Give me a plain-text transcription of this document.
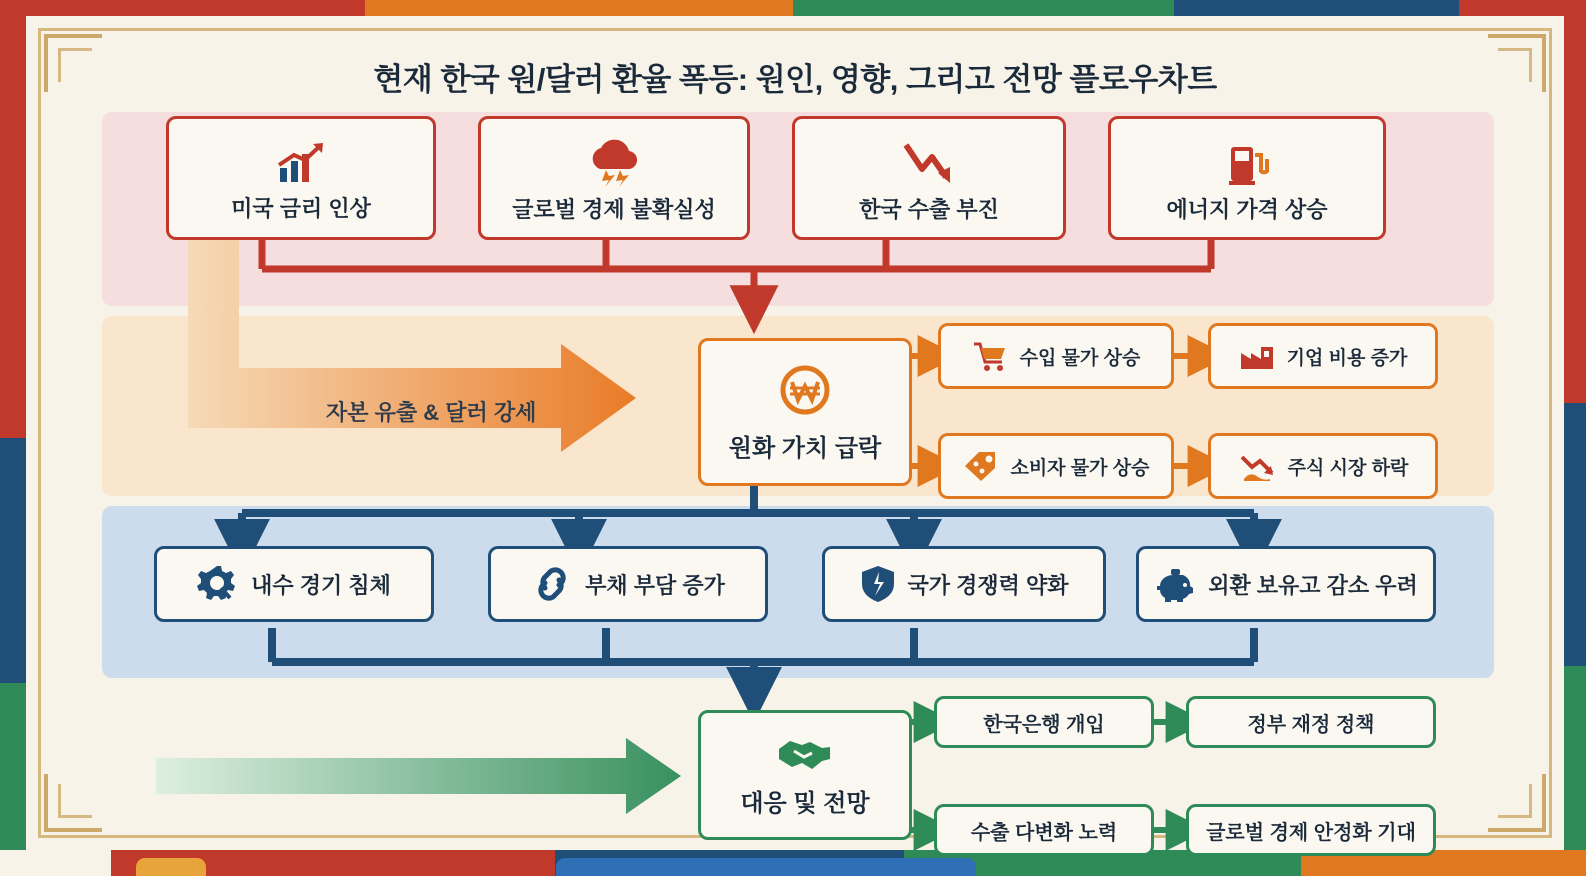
현재 한국 원/달러 환율 폭등: 원인, 영향, 그리고 전망 플로우차트
미국 금리 인상	글로벌 경제 불확실성	한국 수출 부진	에너지 가격 상승
자본 유출 & 달러 강세
원화 가치 급락
수입 물가 상승
소비자 물가 상승
기업 비용 증가
주식 시장 하락
내수 경기 침체	부채 부담 증가	국가 경쟁력 약화	외환 보유고 감소 우려
대응 및 전망
한국은행 개입
수출 다변화 노력
정부 재정 정책
글로벌 경제 안정화 기대
